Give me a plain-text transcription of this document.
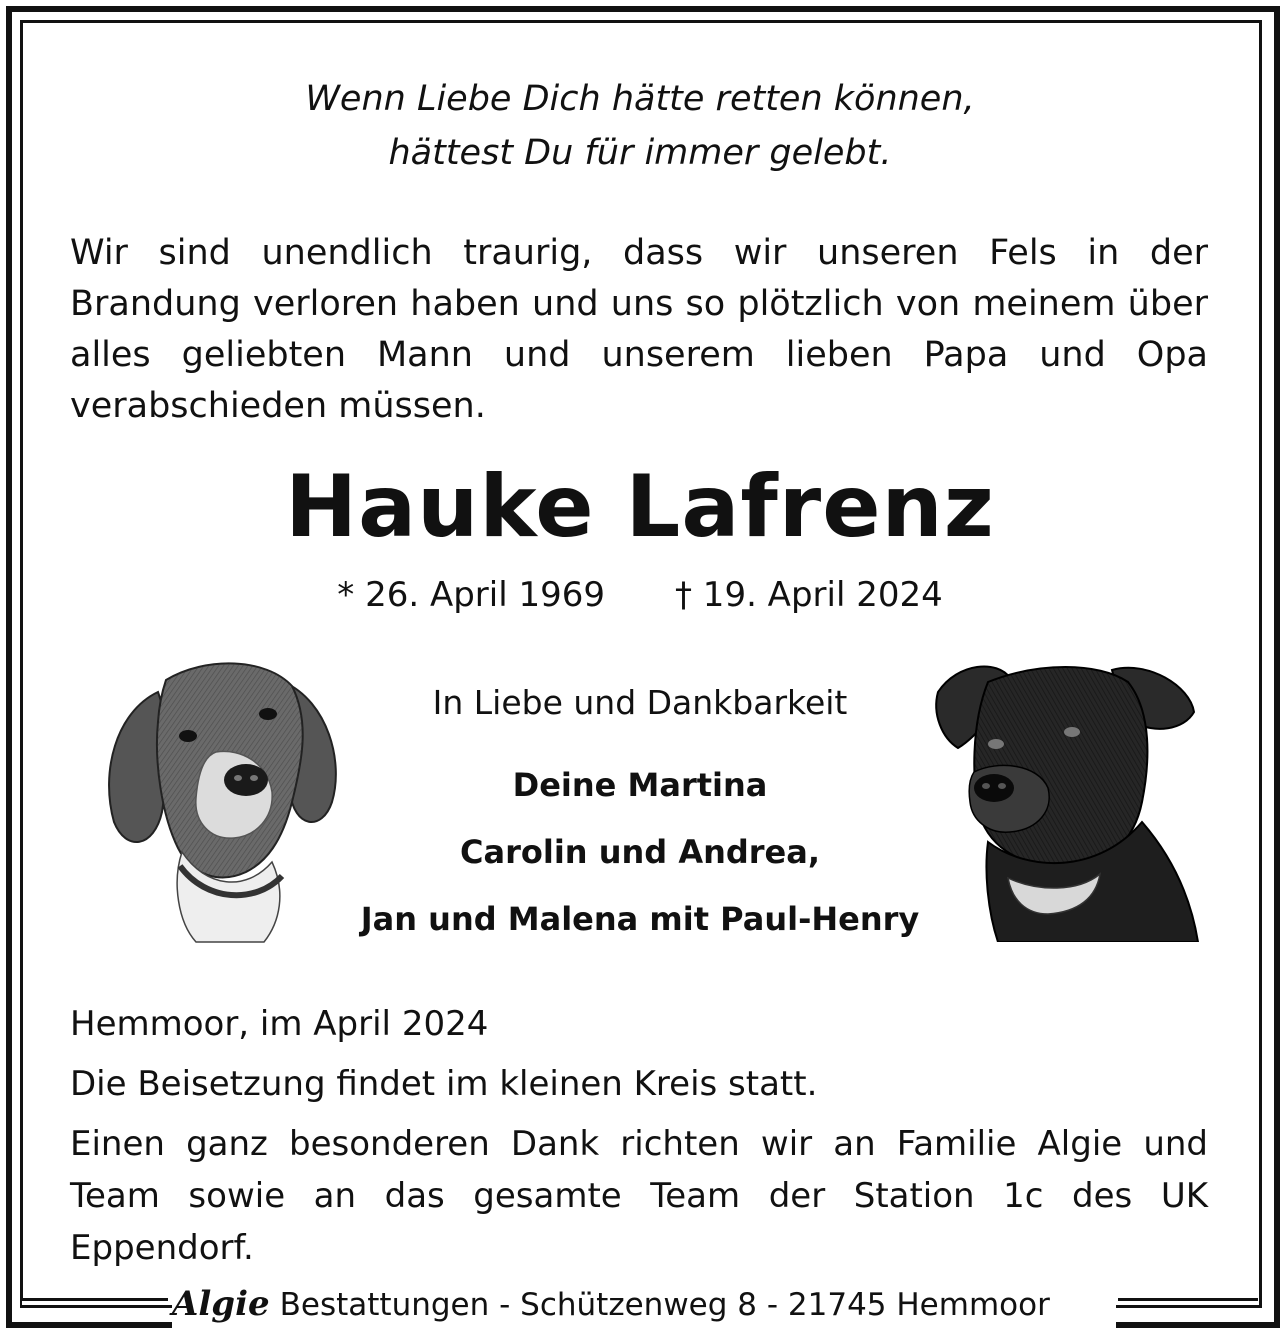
Wenn Liebe Dich hätte retten können,
hättest Du für immer gelebt.

Wir sind unendlich traurig, dass wir unseren Fels in der Brandung verloren haben und uns so plötzlich von meinem über alles geliebten Mann und unserem lieben Papa und Opa verabschieden müssen.

Hauke Lafrenz
* 26. April 1969 † 19. April 2024
In Liebe und Dankbarkeit
Deine Martina
Carolin und Andrea,
Jan und Malena mit Paul-Henry

Hemmoor, im April 2024

Die Beisetzung findet im kleinen Kreis statt.

Einen ganz besonderen Dank richten wir an Familie Algie und Team sowie an das gesamte Team der Station 1c des UK Eppendorf.

Algie Bestattungen - Schützenweg 8 - 21745 Hemmoor
